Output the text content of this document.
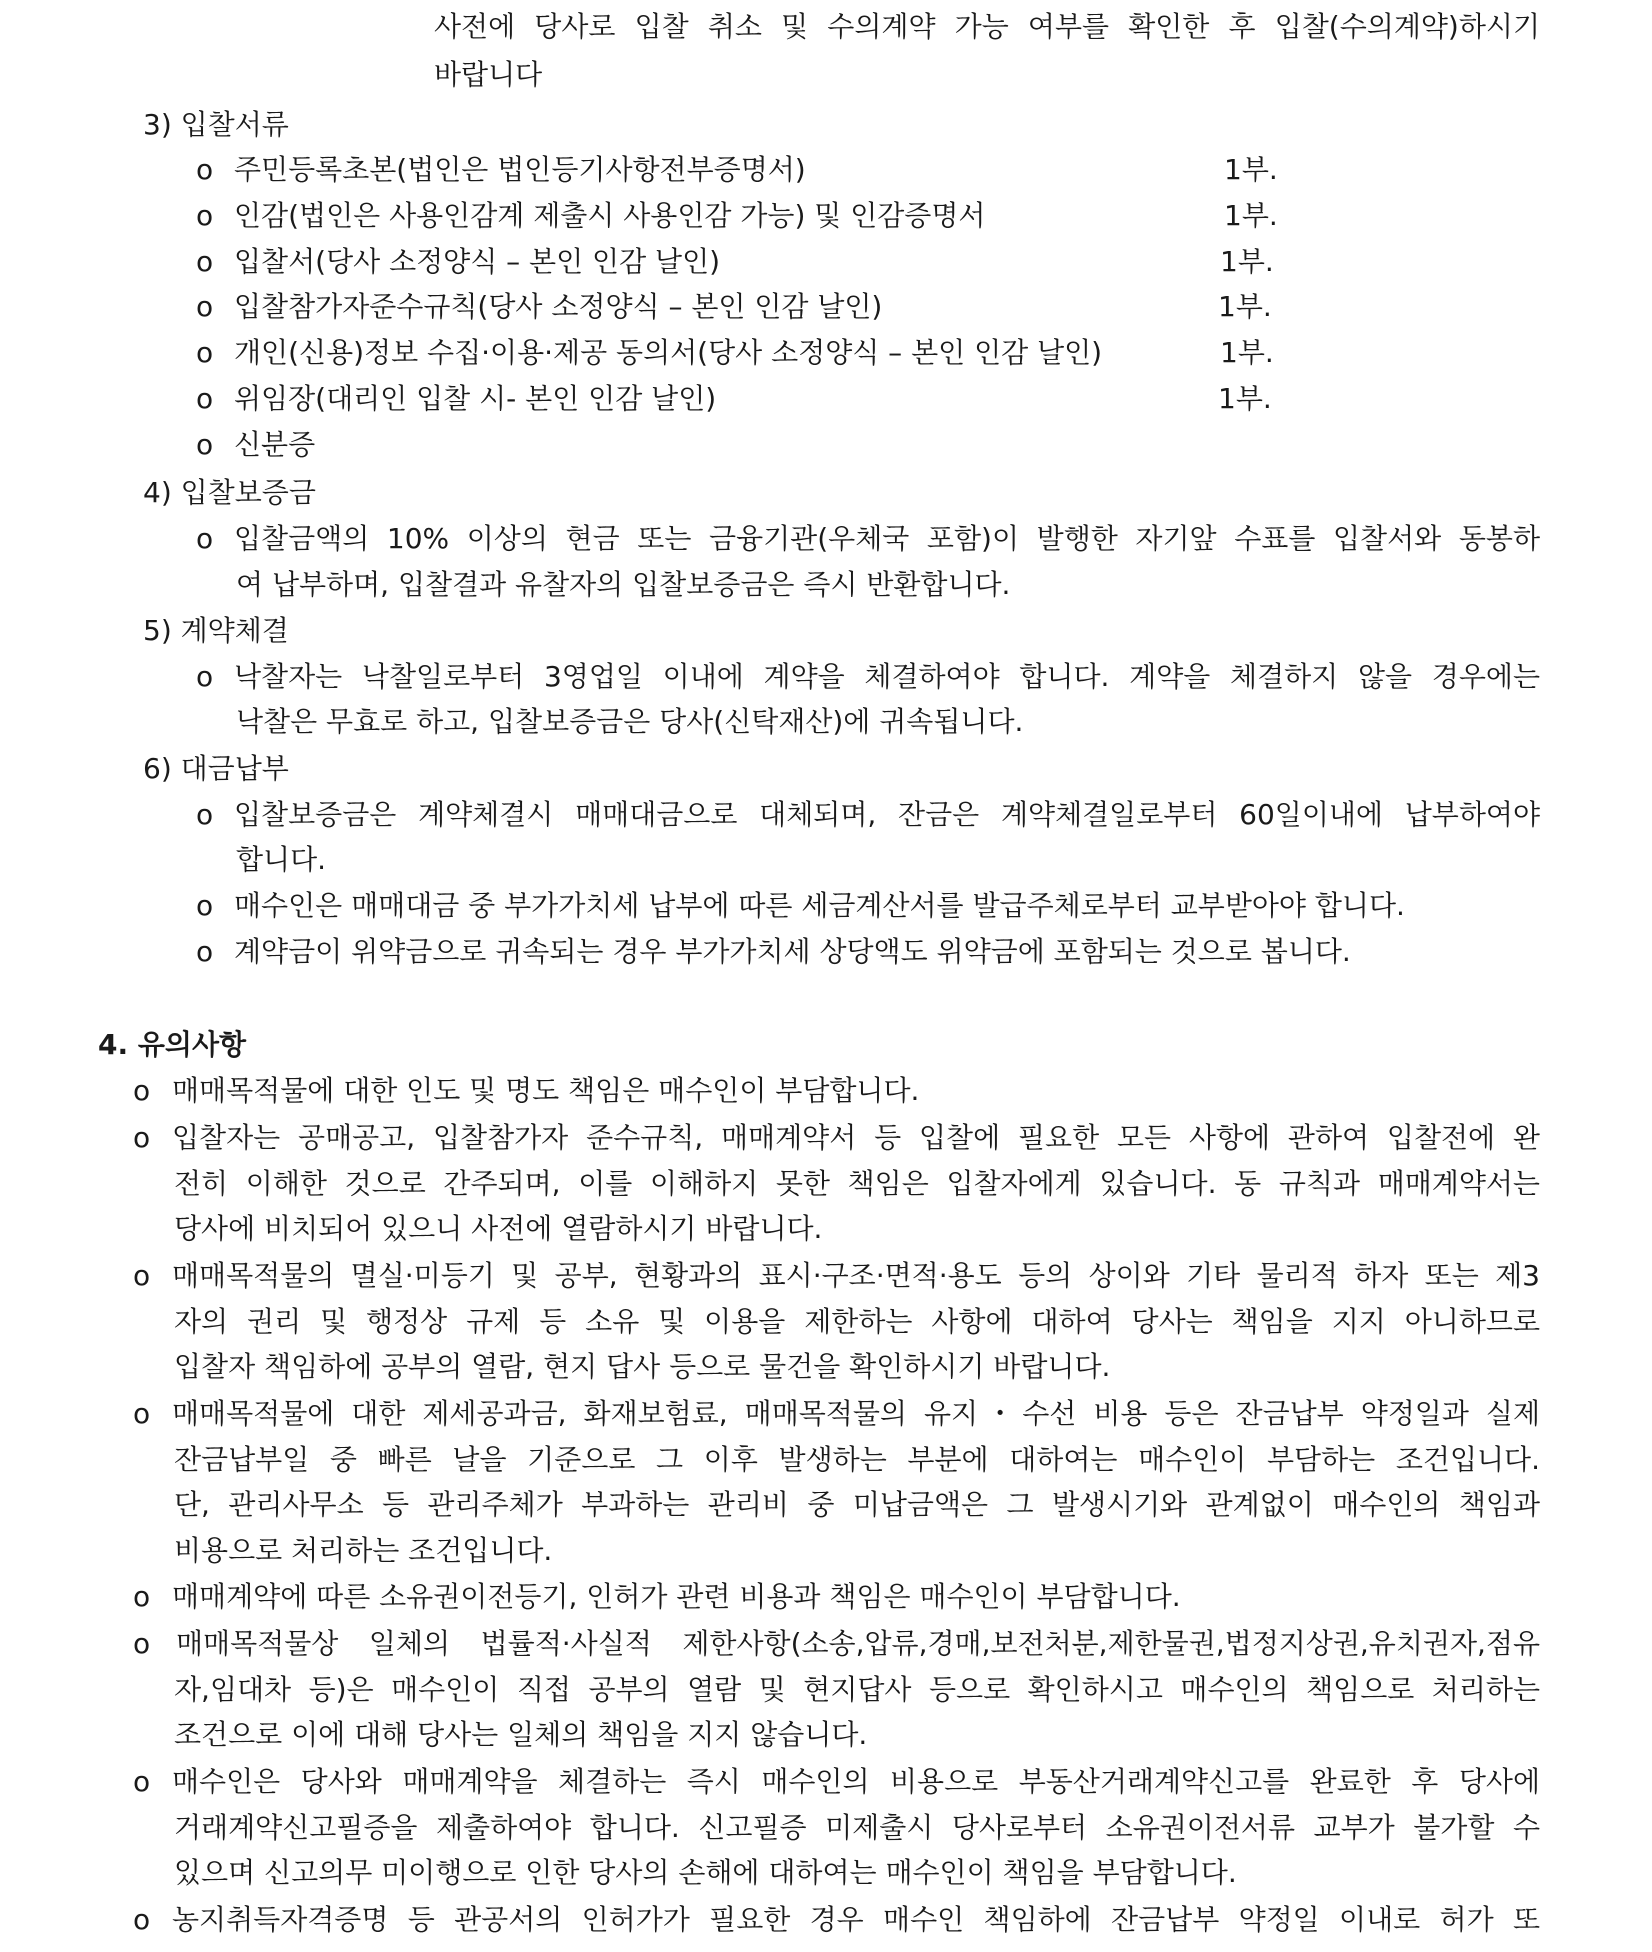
사전에 당사로 입찰 취소 및 수의계약 가능 여부를 확인한 후 입찰(수의계약)하시기
바랍니다
3) 입찰서류
o 주민등록초본(법인은 법인등기사항전부증명서)	1부.
o 인감(법인은 사용인감계 제출시 사용인감 가능) 및 인감증명서	1부.
o 입찰서(당사 소정양식 – 본인 인감 날인)	1부.
o 입찰참가자준수규칙(당사 소정양식 – 본인 인감 날인)	1부.
o 개인(신용)정보 수집·이용·제공 동의서(당사 소정양식 – 본인 인감 날인)	1부.
o 위임장(대리인 입찰 시- 본인 인감 날인)	1부.
o 신분증
4) 입찰보증금
o 입찰금액의 10% 이상의 현금 또는 금융기관(우체국 포함)이 발행한 자기앞 수표를 입찰서와 동봉하
여 납부하며, 입찰결과 유찰자의 입찰보증금은 즉시 반환합니다.
5) 계약체결
o 낙찰자는 낙찰일로부터 3영업일 이내에 계약을 체결하여야 합니다. 계약을 체결하지 않을 경우에는
낙찰은 무효로 하고, 입찰보증금은 당사(신탁재산)에 귀속됩니다.
6) 대금납부
o 입찰보증금은 계약체결시 매매대금으로 대체되며, 잔금은 계약체결일로부터 60일이내에 납부하여야
합니다.
o 매수인은 매매대금 중 부가가치세 납부에 따른 세금계산서를 발급주체로부터 교부받아야 합니다.
o 계약금이 위약금으로 귀속되는 경우 부가가치세 상당액도 위약금에 포함되는 것으로 봅니다.
4. 유의사항
o 매매목적물에 대한 인도 및 명도 책임은 매수인이 부담합니다.
o 입찰자는 공매공고, 입찰참가자 준수규칙, 매매계약서 등 입찰에 필요한 모든 사항에 관하여 입찰전에 완
전히 이해한 것으로 간주되며, 이를 이해하지 못한 책임은 입찰자에게 있습니다. 동 규칙과 매매계약서는
당사에 비치되어 있으니 사전에 열람하시기 바랍니다.
o 매매목적물의 멸실·미등기 및 공부, 현황과의 표시·구조·면적·용도 등의 상이와 기타 물리적 하자 또는 제3
자의 권리 및 행정상 규제 등 소유 및 이용을 제한하는 사항에 대하여 당사는 책임을 지지 아니하므로
입찰자 책임하에 공부의 열람, 현지 답사 등으로 물건을 확인하시기 바랍니다.
o 매매목적물에 대한 제세공과금, 화재보험료, 매매목적물의 유지・수선 비용 등은 잔금납부 약정일과 실제
잔금납부일 중 빠른 날을 기준으로 그 이후 발생하는 부분에 대하여는 매수인이 부담하는 조건입니다.
단, 관리사무소 등 관리주체가 부과하는 관리비 중 미납금액은 그 발생시기와 관계없이 매수인의 책임과
비용으로 처리하는 조건입니다.
o 매매계약에 따른 소유권이전등기, 인허가 관련 비용과 책임은 매수인이 부담합니다.
o 매매목적물상 일체의 법률적·사실적 제한사항(소송,압류,경매,보전처분,제한물권,법정지상권,유치권자,점유
자,임대차 등)은 매수인이 직접 공부의 열람 및 현지답사 등으로 확인하시고 매수인의 책임으로 처리하는
조건으로 이에 대해 당사는 일체의 책임을 지지 않습니다.
o 매수인은 당사와 매매계약을 체결하는 즉시 매수인의 비용으로 부동산거래계약신고를 완료한 후 당사에
거래계약신고필증을 제출하여야 합니다. 신고필증 미제출시 당사로부터 소유권이전서류 교부가 불가할 수
있으며 신고의무 미이행으로 인한 당사의 손해에 대하여는 매수인이 책임을 부담합니다.
o 농지취득자격증명 등 관공서의 인허가가 필요한 경우 매수인 책임하에 잔금납부 약정일 이내로 허가 또
